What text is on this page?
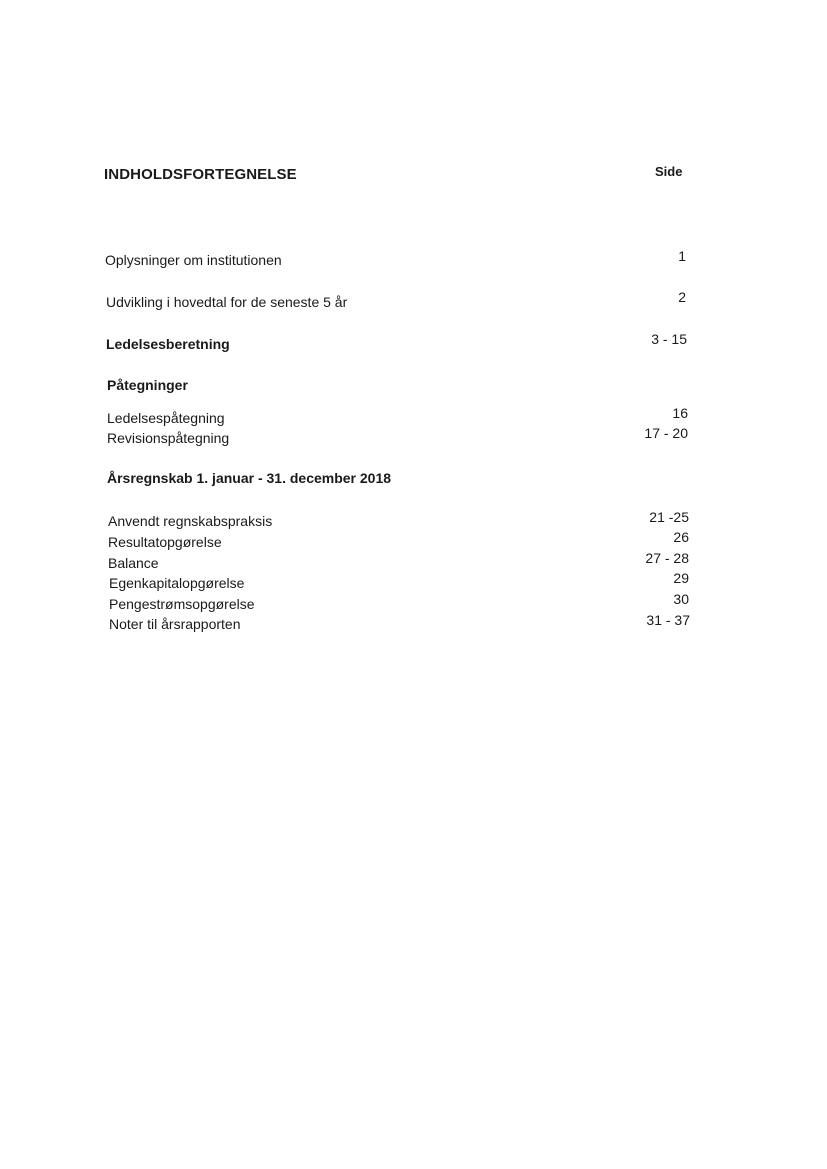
INDHOLDSFORTEGNELSE	Side
Oplysninger om institutionen	1
Udvikling i hovedtal for de seneste 5 år	2
Ledelsesberetning	3 - 15
Påtegninger
Ledelsespåtegning	16
Revisionspåtegning	17 - 20
Årsregnskab 1. januar - 31. december 2018
Anvendt regnskabspraksis	21 -25
Resultatopgørelse	26
Balance	27 - 28
Egenkapitalopgørelse	29
Pengestrømsopgørelse	30
Noter til årsrapporten	31 - 37
